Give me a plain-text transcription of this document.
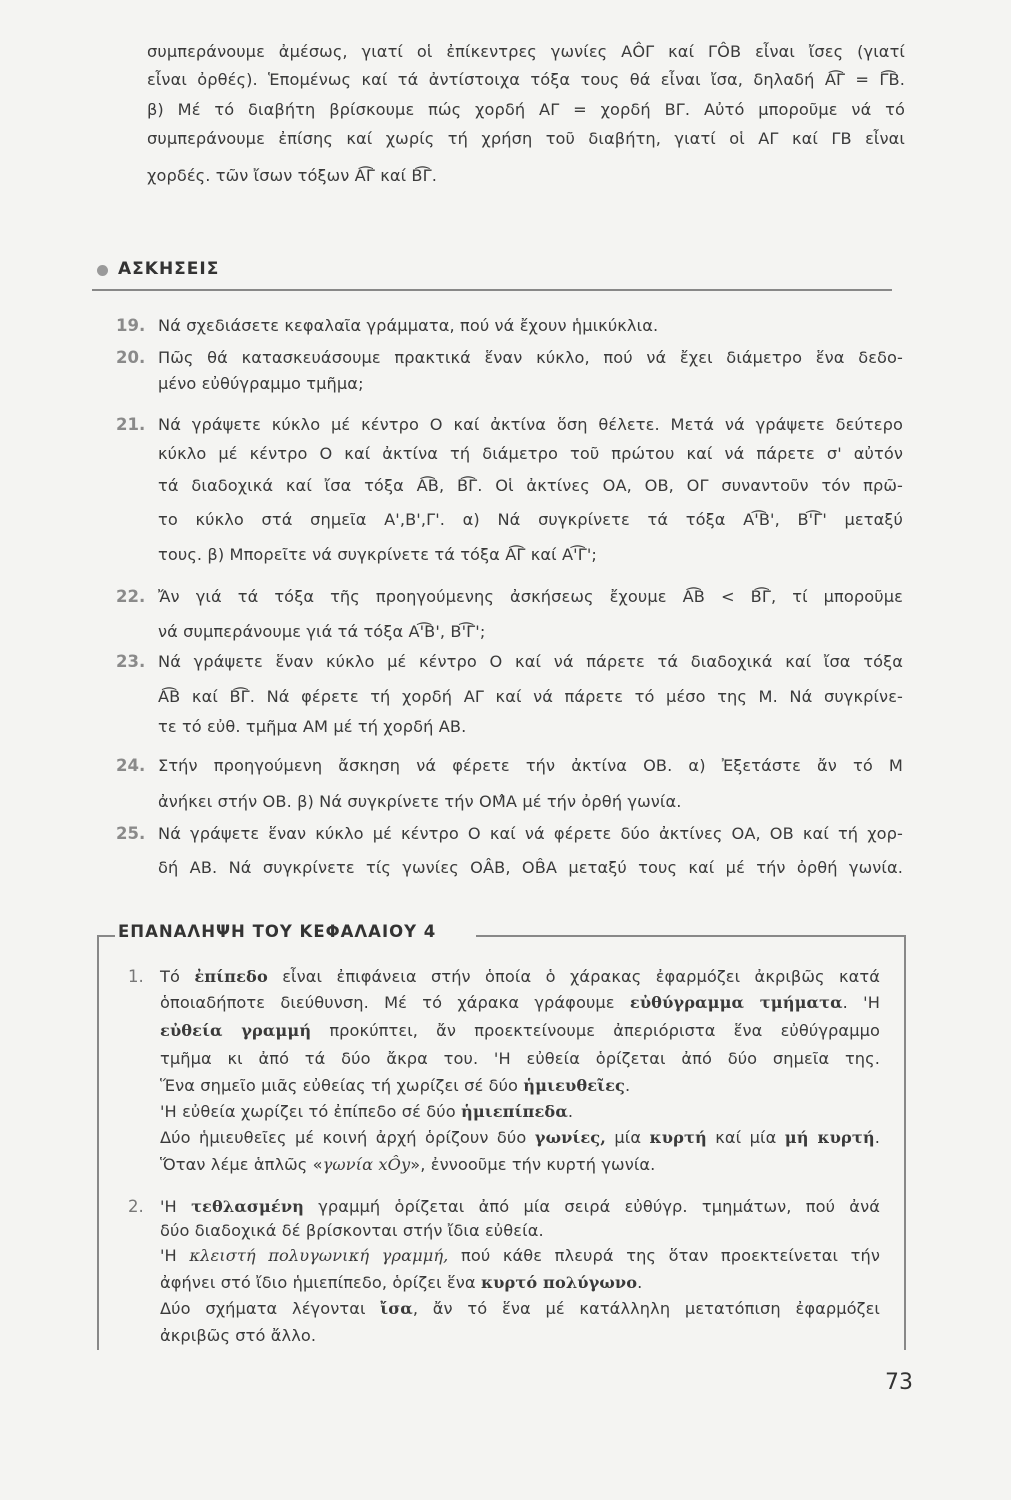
συμπεράνουμε ἀμέσως, γιατί οἱ ἐπίκεντρες γωνίες ΑÔΓ καί ΓÔΒ εἶναι ἴσες (γιατί
εἶναι ὀρθές). Ἑπομένως καί τά ἀντίστοιχα τόξα τους θά εἶναι ἴσα, δηλαδή Α͡Γ = Γ͡Β.
β) Μέ τό διαβήτη βρίσκουμε πώς χορδή ΑΓ = χορδή ΒΓ. Αὐτό μποροῦμε νά τό
συμπεράνουμε ἐπίσης καί χωρίς τή χρήση τοῦ διαβήτη, γιατί οἱ ΑΓ καί ΓΒ εἶναι
χορδές. τῶν ἴσων τόξων Α͡Γ καί Β͡Γ.
ΑΣΚΗΣΕΙΣ
19. Νά σχεδιάσετε κεφαλαῖα γράμματα, πού νά ἔχουν ἡμικύκλια.
20. Πῶς θά κατασκευάσουμε πρακτικά ἕναν κύκλο, πού νά ἔχει διάμετρο ἕνα δεδο-
μένο εὐθύγραμμο τμῆμα;
21. Νά γράψετε κύκλο μέ κέντρο Ο καί ἀκτίνα ὅση θέλετε. Μετά νά γράψετε δεύτερο
κύκλο μέ κέντρο Ο καί ἀκτίνα τή διάμετρο τοῦ πρώτου καί νά πάρετε σ' αὐτόν
τά διαδοχικά καί ἴσα τόξα Α͡Β, Β͡Γ. Οἱ ἀκτίνες ΟΑ, ΟΒ, ΟΓ συναντοῦν τόν πρῶ-
το κύκλο στά σημεῖα Α',Β',Γ'. α) Νά συγκρίνετε τά τόξα Α'͡Β', Β'͡Γ' μεταξύ
τους. β) Μπορεῖτε νά συγκρίνετε τά τόξα Α͡Γ καί Α'͡Γ';
22. Ἄν γιά τά τόξα τῆς προηγούμενης ἀσκήσεως ἔχουμε Α͡Β < Β͡Γ, τί μποροῦμε
νά συμπεράνουμε γιά τά τόξα Α'͡Β', Β'͡Γ';
23. Νά γράψετε ἕναν κύκλο μέ κέντρο Ο καί νά πάρετε τά διαδοχικά καί ἴσα τόξα
Α͡Β καί Β͡Γ. Νά φέρετε τή χορδή ΑΓ καί νά πάρετε τό μέσο της Μ. Νά συγκρίνε-
τε τό εὐθ. τμῆμα ΑΜ μέ τή χορδή ΑΒ.
24. Στήν προηγούμενη ἄσκηση νά φέρετε τήν ἀκτίνα ΟΒ. α) Ἐξετάστε ἄν τό Μ
ἀνήκει στήν ΟΒ. β) Νά συγκρίνετε τήν ΟΜ̂Α μέ τήν ὀρθή γωνία.
25. Νά γράψετε ἕναν κύκλο μέ κέντρο Ο καί νά φέρετε δύο ἀκτίνες ΟΑ, ΟΒ καί τή χορ-
δή ΑΒ. Νά συγκρίνετε τίς γωνίες ΟÂΒ, ΟB̂Α μεταξύ τους καί μέ τήν ὀρθή γωνία.
ΕΠΑΝΑΛΗΨΗ ΤΟΥ ΚΕΦΑΛΑΙΟΥ 4
1. Τό ἐπίπεδο εἶναι ἐπιφάνεια στήν ὁποία ὁ χάρακας ἐφαρμόζει ἀκριβῶς κατά
ὁποιαδήποτε διεύθυνση. Μέ τό χάρακα γράφουμε εὐθύγραμμα τμήματα. 'Η
εὐθεία γραμμή προκύπτει, ἄν προεκτείνουμε ἀπεριόριστα ἕνα εὐθύγραμμο
τμῆμα κι ἀπό τά δύο ἄκρα του. 'Η εὐθεία ὁρίζεται ἀπό δύο σημεῖα της.
Ἕνα σημεῖο μιᾶς εὐθείας τή χωρίζει σέ δύο ἡμιευθεῖες.
'Η εὐθεία χωρίζει τό ἐπίπεδο σέ δύο ἡμιεπίπεδα.
Δύο ἡμιευθεῖες μέ κοινή ἀρχή ὁρίζουν δύο γωνίες, μία κυρτή καί μία μή κυρτή.
Ὅταν λέμε ἁπλῶς «γωνία xÔy», ἐννοοῦμε τήν κυρτή γωνία.
2. 'Η τεθλασμένη γραμμή ὁρίζεται ἀπό μία σειρά εὐθύγρ. τμημάτων, πού ἀνά
δύο διαδοχικά δέ βρίσκονται στήν ἴδια εὐθεία.
'Η κλειστή πολυγωνική γραμμή, πού κάθε πλευρά της ὅταν προεκτείνεται τήν
ἀφήνει στό ἴδιο ἡμιεπίπεδο, ὁρίζει ἕνα κυρτό πολύγωνο.
Δύο σχήματα λέγονται ἴσα, ἄν τό ἕνα μέ κατάλληλη μετατόπιση ἐφαρμόζει
ἀκριβῶς στό ἄλλο.
73
